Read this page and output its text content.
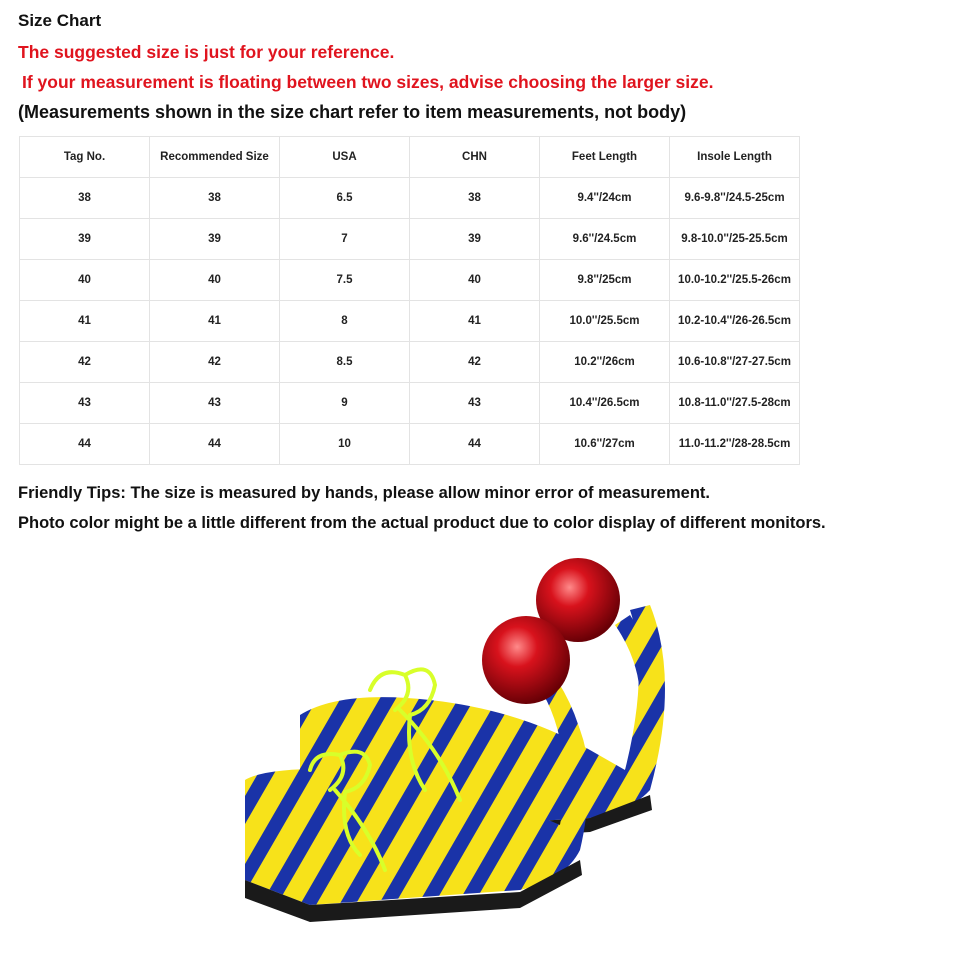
Size Chart
The suggested size is just for your reference.
If your measurement is floating between two sizes, advise choosing the larger size.
(Measurements shown in the size chart refer to item measurements, not body)
Tag No.	Recommended Size	USA	CHN	Feet Length	Insole Length
38	38	6.5	38	9.4''/24cm	9.6-9.8''/24.5-25cm
39	39	7	39	9.6''/24.5cm	9.8-10.0''/25-25.5cm
40	40	7.5	40	9.8''/25cm	10.0-10.2''/25.5-26cm
41	41	8	41	10.0''/25.5cm	10.2-10.4''/26-26.5cm
42	42	8.5	42	10.2''/26cm	10.6-10.8''/27-27.5cm
43	43	9	43	10.4''/26.5cm	10.8-11.0''/27.5-28cm
44	44	10	44	10.6''/27cm	11.0-11.2''/28-28.5cm
Friendly Tips: The size is measured by hands, please allow minor error of measurement.
Photo color might be a little different from the actual product due to color display of different monitors.
